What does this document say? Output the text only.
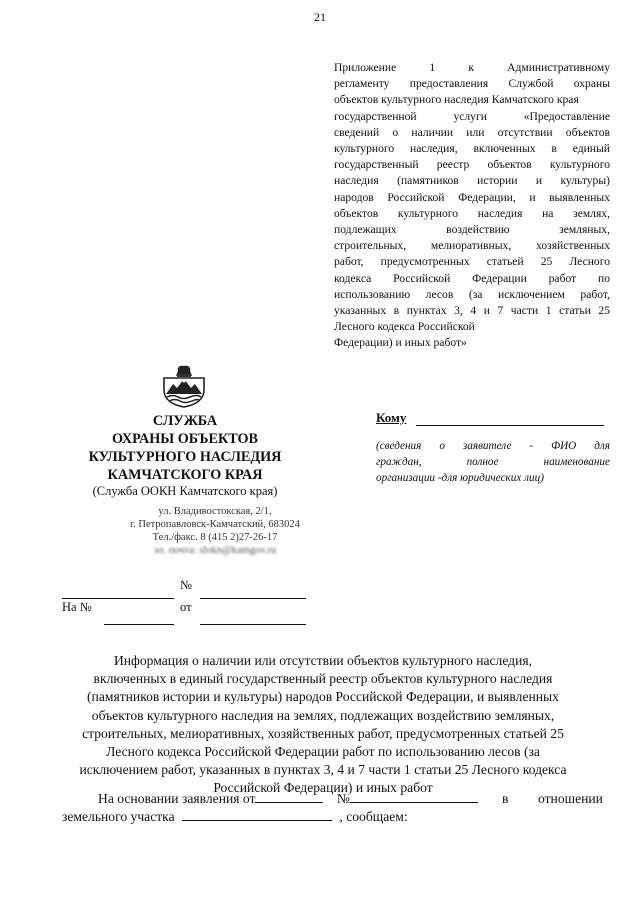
21
Приложение 1 к Административному
регламенту предоставления Службой охраны
объектов культурного наследия Камчатского края
государственной услуги «Предоставление
сведений о наличии или отсутствии объектов
культурного наследия, включенных в единый
государственный реестр объектов культурного
наследия (памятников истории и культуры)
народов Российской Федерации, и выявленных
объектов культурного наследия на землях,
подлежащих воздействию земляных,
строительных, мелиоративных, хозяйственных
работ, предусмотренных статьей 25 Лесного
кодекса Российской Федерации работ по
использованию лесов (за исключением работ,
указанных в пунктах 3, 4 и 7 части 1 статьи 25
Лесного кодекса Российской
Федерации) и иных работ»
СЛУЖБА
ОХРАНЫ ОБЪЕКТОВ
КУЛЬТУРНОГО НАСЛЕДИЯ
КАМЧАТСКОГО КРАЯ
(Служба ООКН Камчатского края)
ул. Владивостокская, 2/1,
г. Петропавловск-Камчатский, 683024
Тел./факс. 8 (415 2)27-26-17
эл. почта: slokn@kamgov.ru
№
На №	от
Кому
(сведения о заявителе - ФИО для
граждан, полное наименование
организации -для юридических лиц)
Информация о наличии или отсутствии объектов культурного наследия,
включенных в единый государственный реестр объектов культурного наследия
(памятников истории и культуры) народов Российской Федерации, и выявленных
объектов культурного наследия на землях, подлежащих воздействию земляных,
строительных, мелиоративных, хозяйственных работ, предусмотренных статьей 25
Лесного кодекса Российской Федерации работ по использованию лесов (за
исключением работ, указанных в пунктах 3, 4 и 7 части 1 статьи 25 Лесного кодекса
Российской Федерации) и иных работ
На основании заявления от	№	в отношении
земельного участка	, сообщаем:
